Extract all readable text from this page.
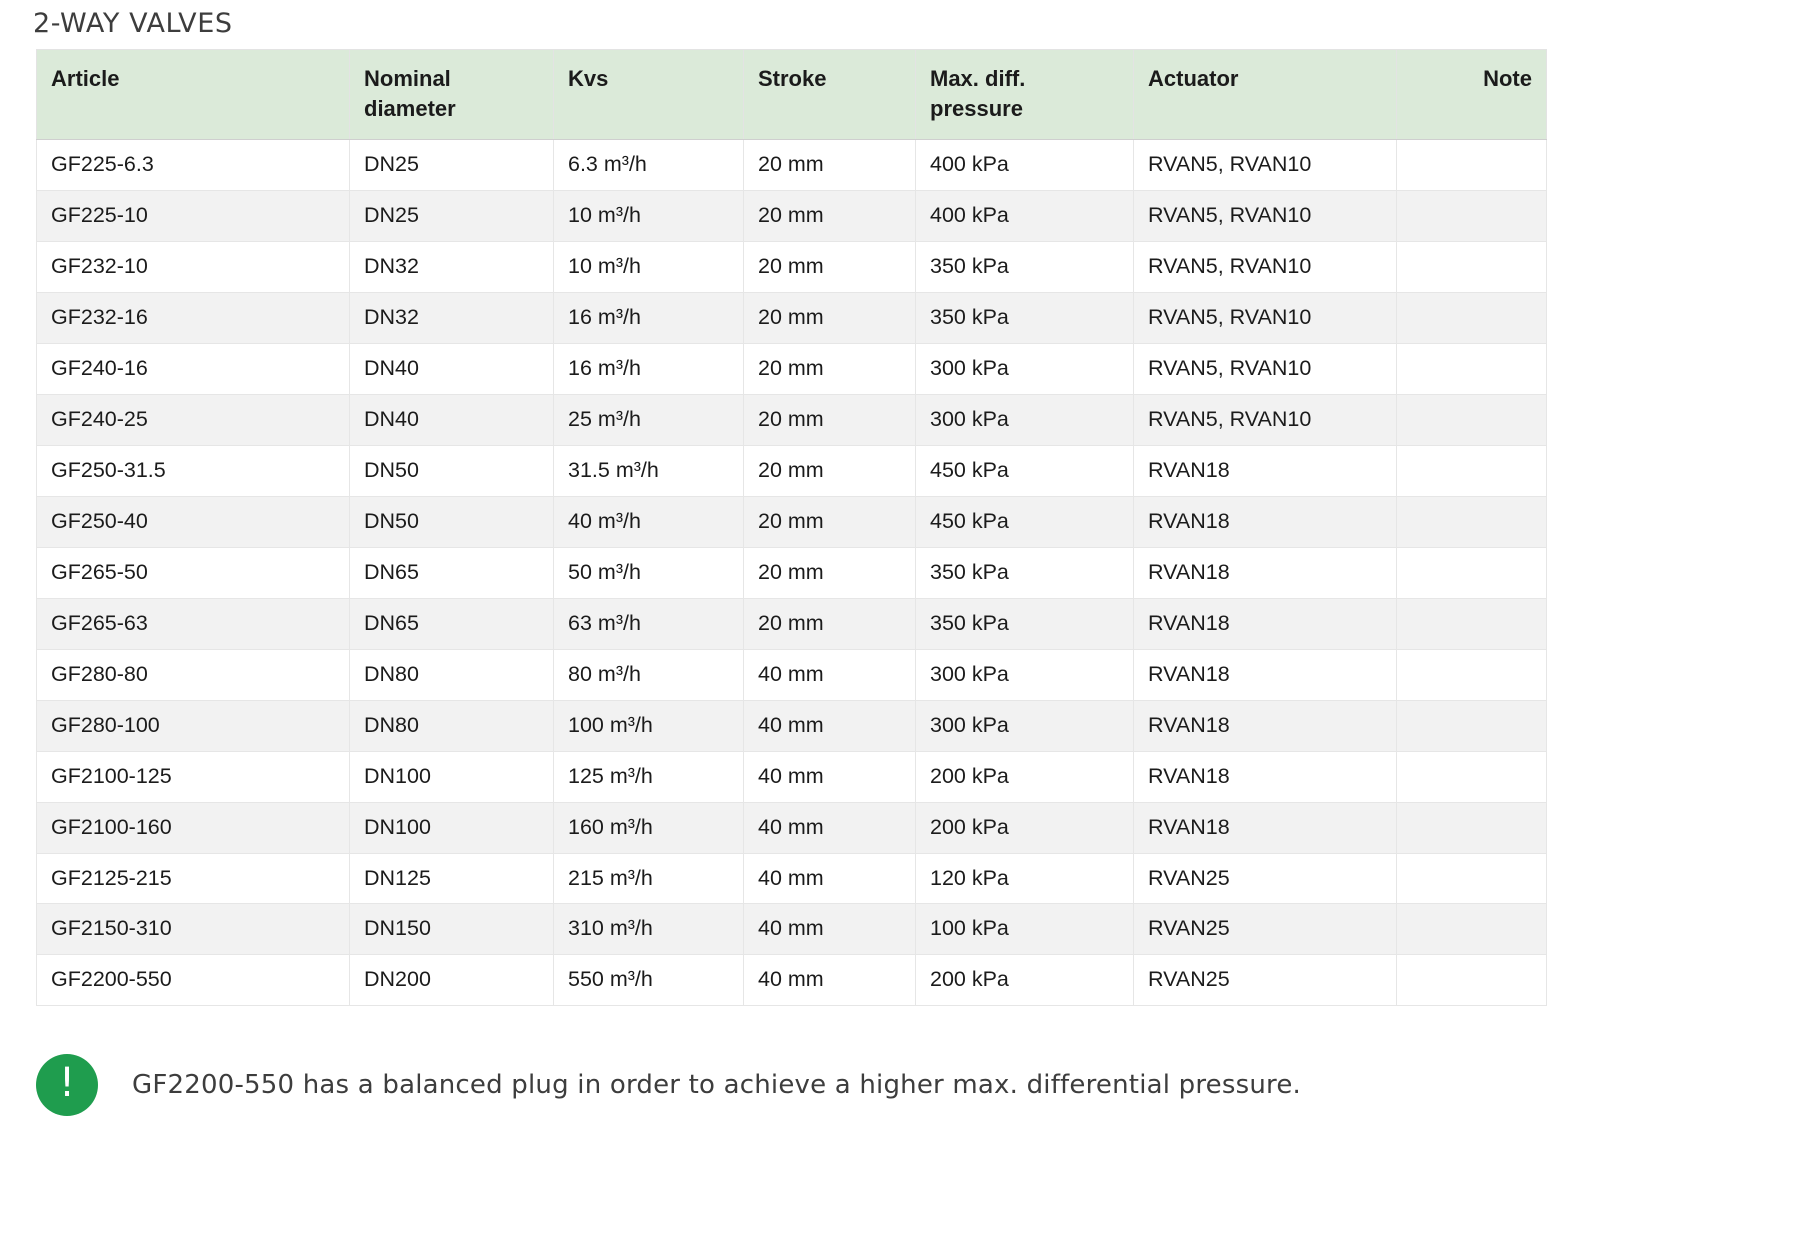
2-WAY VALVES
Article	Nominal diameter	Kvs	Stroke	Max. diff. pressure	Actuator	Note
GF225-6.3	DN25	6.3 m³/h	20 mm	400 kPa	RVAN5, RVAN10	
GF225-10	DN25	10 m³/h	20 mm	400 kPa	RVAN5, RVAN10	
GF232-10	DN32	10 m³/h	20 mm	350 kPa	RVAN5, RVAN10	
GF232-16	DN32	16 m³/h	20 mm	350 kPa	RVAN5, RVAN10	
GF240-16	DN40	16 m³/h	20 mm	300 kPa	RVAN5, RVAN10	
GF240-25	DN40	25 m³/h	20 mm	300 kPa	RVAN5, RVAN10	
GF250-31.5	DN50	31.5 m³/h	20 mm	450 kPa	RVAN18	
GF250-40	DN50	40 m³/h	20 mm	450 kPa	RVAN18	
GF265-50	DN65	50 m³/h	20 mm	350 kPa	RVAN18	
GF265-63	DN65	63 m³/h	20 mm	350 kPa	RVAN18	
GF280-80	DN80	80 m³/h	40 mm	300 kPa	RVAN18	
GF280-100	DN80	100 m³/h	40 mm	300 kPa	RVAN18	
GF2100-125	DN100	125 m³/h	40 mm	200 kPa	RVAN18	
GF2100-160	DN100	160 m³/h	40 mm	200 kPa	RVAN18	
GF2125-215	DN125	215 m³/h	40 mm	120 kPa	RVAN25	
GF2150-310	DN150	310 m³/h	40 mm	100 kPa	RVAN25	
GF2200-550	DN200	550 m³/h	40 mm	200 kPa	RVAN25	
!	GF2200-550 has a balanced plug in order to achieve a higher max. differential pressure.
